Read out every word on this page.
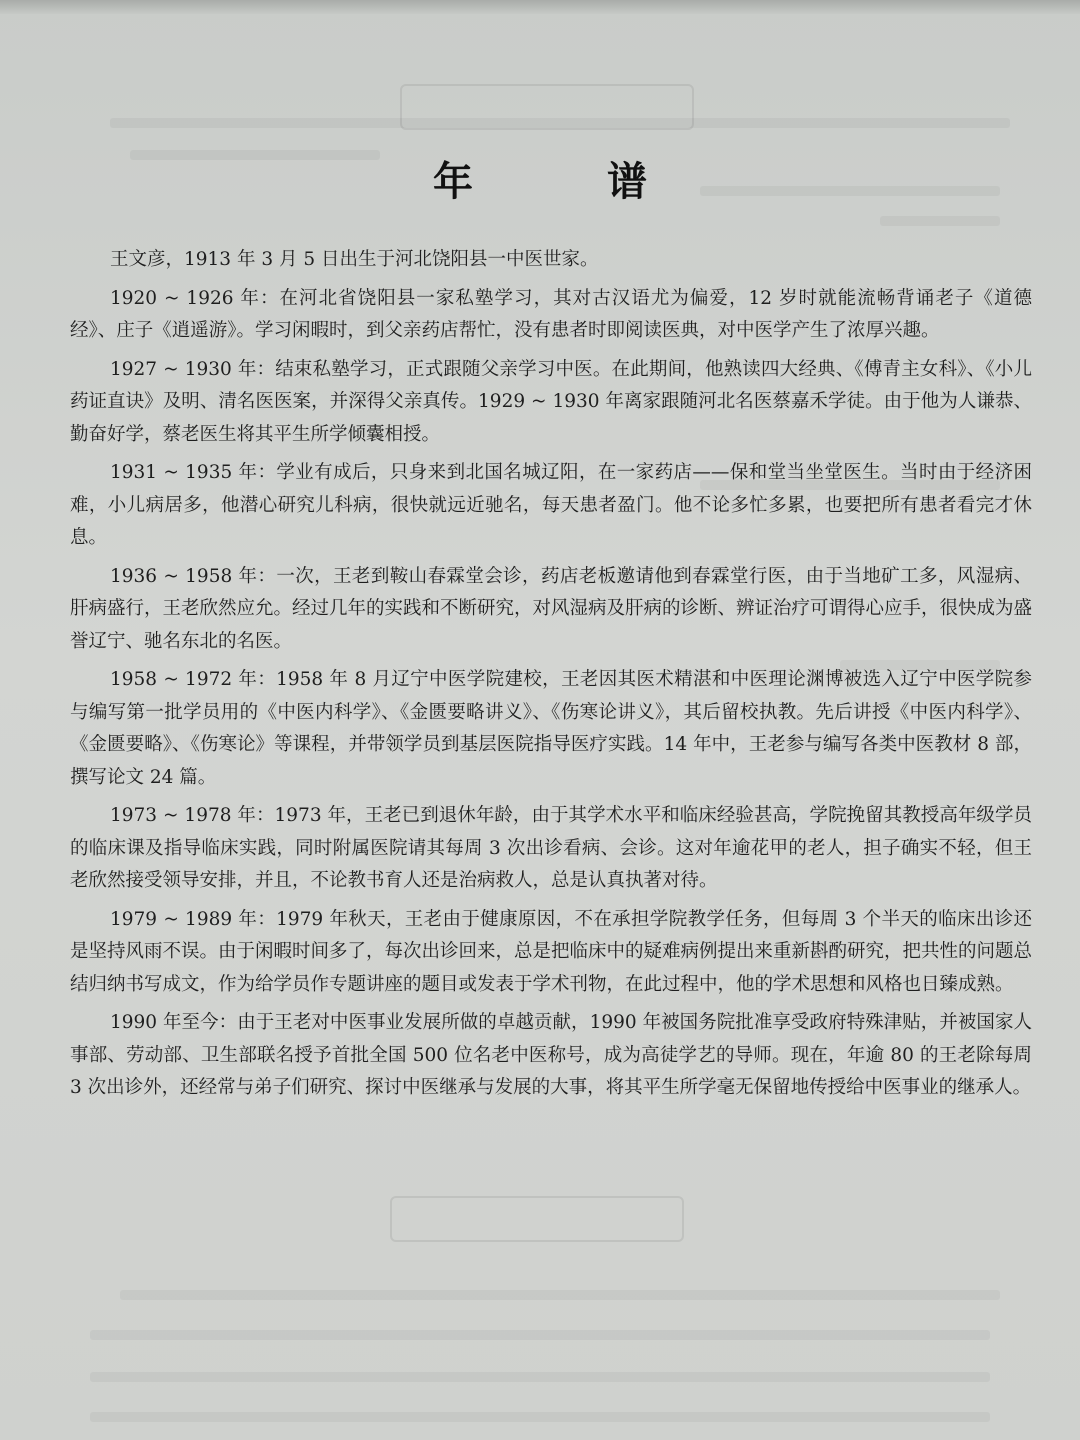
年 谱

王文彦，1913 年 3 月 5 日出生于河北饶阳县一中医世家。

1920 ~ 1926 年：在河北省饶阳县一家私塾学习，其对古汉语尤为偏爱，12 岁时就能流畅背诵老子《道德经》、庄子《逍遥游》。学习闲暇时，到父亲药店帮忙，没有患者时即阅读医典，对中医学产生了浓厚兴趣。

1927 ~ 1930 年：结束私塾学习，正式跟随父亲学习中医。在此期间，他熟读四大经典、《傅青主女科》、《小儿药证直诀》及明、清名医医案，并深得父亲真传。1929 ~ 1930 年离家跟随河北名医蔡嘉禾学徒。由于他为人谦恭、勤奋好学，蔡老医生将其平生所学倾囊相授。

1931 ~ 1935 年：学业有成后，只身来到北国名城辽阳，在一家药店——保和堂当坐堂医生。当时由于经济困难，小儿病居多，他潜心研究儿科病，很快就远近驰名，每天患者盈门。他不论多忙多累，也要把所有患者看完才休息。

1936 ~ 1958 年：一次，王老到鞍山春霖堂会诊，药店老板邀请他到春霖堂行医，由于当地矿工多，风湿病、肝病盛行，王老欣然应允。经过几年的实践和不断研究，对风湿病及肝病的诊断、辨证治疗可谓得心应手，很快成为盛誉辽宁、驰名东北的名医。

1958 ~ 1972 年：1958 年 8 月辽宁中医学院建校，王老因其医术精湛和中医理论渊博被选入辽宁中医学院参与编写第一批学员用的《中医内科学》、《金匮要略讲义》、《伤寒论讲义》，其后留校执教。先后讲授《中医内科学》、《金匮要略》、《伤寒论》等课程，并带领学员到基层医院指导医疗实践。14 年中，王老参与编写各类中医教材 8 部，撰写论文 24 篇。

1973 ~ 1978 年：1973 年，王老已到退休年龄，由于其学术水平和临床经验甚高，学院挽留其教授高年级学员的临床课及指导临床实践，同时附属医院请其每周 3 次出诊看病、会诊。这对年逾花甲的老人，担子确实不轻，但王老欣然接受领导安排，并且，不论教书育人还是治病救人，总是认真执著对待。

1979 ~ 1989 年：1979 年秋天，王老由于健康原因，不在承担学院教学任务，但每周 3 个半天的临床出诊还是坚持风雨不误。由于闲暇时间多了，每次出诊回来，总是把临床中的疑难病例提出来重新斟酌研究，把共性的问题总结归纳书写成文，作为给学员作专题讲座的题目或发表于学术刊物，在此过程中，他的学术思想和风格也日臻成熟。

1990 年至今：由于王老对中医事业发展所做的卓越贡献，1990 年被国务院批准享受政府特殊津贴，并被国家人事部、劳动部、卫生部联名授予首批全国 500 位名老中医称号，成为高徒学艺的导师。现在，年逾 80 的王老除每周 3 次出诊外，还经常与弟子们研究、探讨中医继承与发展的大事，将其平生所学毫无保留地传授给中医事业的继承人。
